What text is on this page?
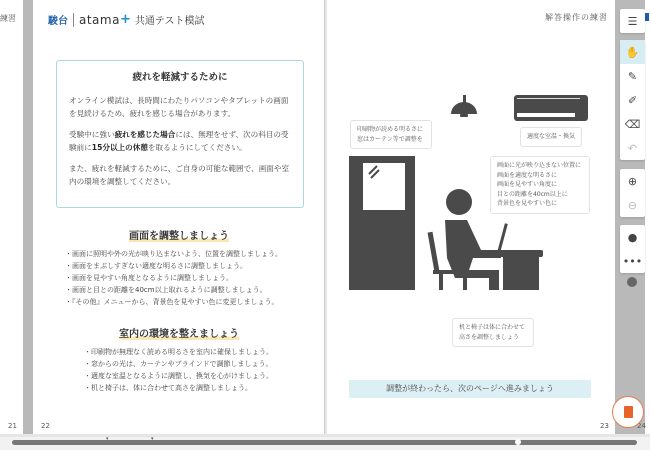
練習
21
駿台 atama + 共通テスト模試
疲れを軽減するために

オンライン模試は、長時間にわたりパソコンやタブレットの画面を見続けるため、疲れを感じる場合があります。

受験中に強い疲れを感じた場合には、無理をせず、次の科目の受験前に15分以上の休憩を取るようにしてください。

また、疲れを軽減するために、ご自身の可能な範囲で、画面や室内の環境を調整してください。

画面を調整しましょう
・画面に照明や外の光が映り込まないよう、位置を調整しましょう。
・画面をまぶしすぎない適度な明るさに調整しましょう。
・画面を見やすい角度となるように調整しましょう。
・画面と目との距離を40cm以上取れるように調整しましょう。
・『その他』メニューから、背景色を見やすい色に変更しましょう。
室内の環境を整えましょう
・印刷物が無理なく読める明るさを室内に確保しましょう。
・窓からの光は、カーテンやブラインドで調節しましょう。
・適度な室温となるように調整し、換気を心がけましょう。
・机と椅子は、体に合わせて高さを調整しましょう。
22
解答操作の練習
印刷物が読める明るさに
窓はカーテン等で調整を	適度な室温・換気
画面に光が映り込まない位置に
画面を適度な明るさに
画面を見やすい角度に
目との距離を40cm以上に
背景色を見やすい色に
机と椅子は体に合わせて
高さを調整しましょう
調整が終わったら、次のページへ進みましょう
23	24
☰
✋
✎
✐
⌫
↶
⊕
⊖
●
•••
▾	▾
